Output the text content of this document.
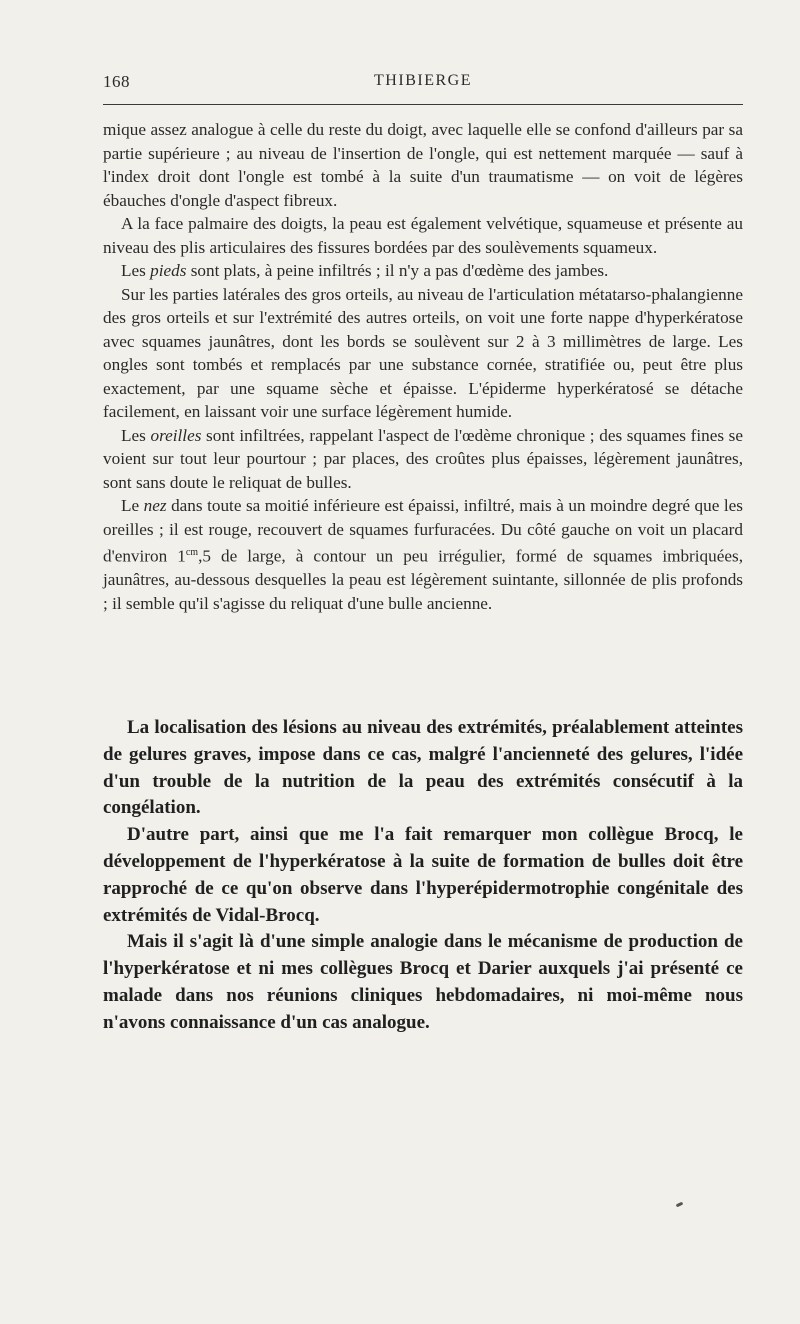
168	THIBIERGE

mique assez analogue à celle du reste du doigt, avec laquelle elle se confond d'ailleurs par sa partie supérieure ; au niveau de l'insertion de l'ongle, qui est nettement marquée — sauf à l'index droit dont l'ongle est tombé à la suite d'un traumatisme — on voit de légères ébauches d'ongle d'aspect fibreux.

A la face palmaire des doigts, la peau est également velvétique, squameuse et présente au niveau des plis articulaires des fissures bordées par des soulèvements squameux.

Les pieds sont plats, à peine infiltrés ; il n'y a pas d'œdème des jambes.

Sur les parties latérales des gros orteils, au niveau de l'articulation métatarso-phalangienne des gros orteils et sur l'extrémité des autres orteils, on voit une forte nappe d'hyperkératose avec squames jaunâtres, dont les bords se soulèvent sur 2 à 3 millimètres de large. Les ongles sont tombés et remplacés par une substance cornée, stratifiée ou, peut être plus exactement, par une squame sèche et épaisse. L'épiderme hyperkératosé se détache facilement, en laissant voir une surface légèrement humide.

Les oreilles sont infiltrées, rappelant l'aspect de l'œdème chronique ; des squames fines se voient sur tout leur pourtour ; par places, des croûtes plus épaisses, légèrement jaunâtres, sont sans doute le reliquat de bulles.

Le nez dans toute sa moitié inférieure est épaissi, infiltré, mais à un moindre degré que les oreilles ; il est rouge, recouvert de squames furfuracées. Du côté gauche on voit un placard d'environ $1^{cm},5$ de large, à contour un peu irrégulier, formé de squames imbriquées, jaunâtres, au-dessous desquelles la peau est légèrement suintante, sillonnée de plis profonds ; il semble qu'il s'agisse du reliquat d'une bulle ancienne.

La localisation des lésions au niveau des extrémités, préalablement atteintes de gelures graves, impose dans ce cas, malgré l'ancienneté des gelures, l'idée d'un trouble de la nutrition de la peau des extrémités consécutif à la congélation.

D'autre part, ainsi que me l'a fait remarquer mon collègue Brocq, le développement de l'hyperkératose à la suite de formation de bulles doit être rapproché de ce qu'on observe dans l'hyperépidermotrophie congénitale des extrémités de Vidal-Brocq.

Mais il s'agit là d'une simple analogie dans le mécanisme de production de l'hyperkératose et ni mes collègues Brocq et Darier auxquels j'ai présenté ce malade dans nos réunions cliniques hebdomadaires, ni moi-même nous n'avons connaissance d'un cas analogue.
